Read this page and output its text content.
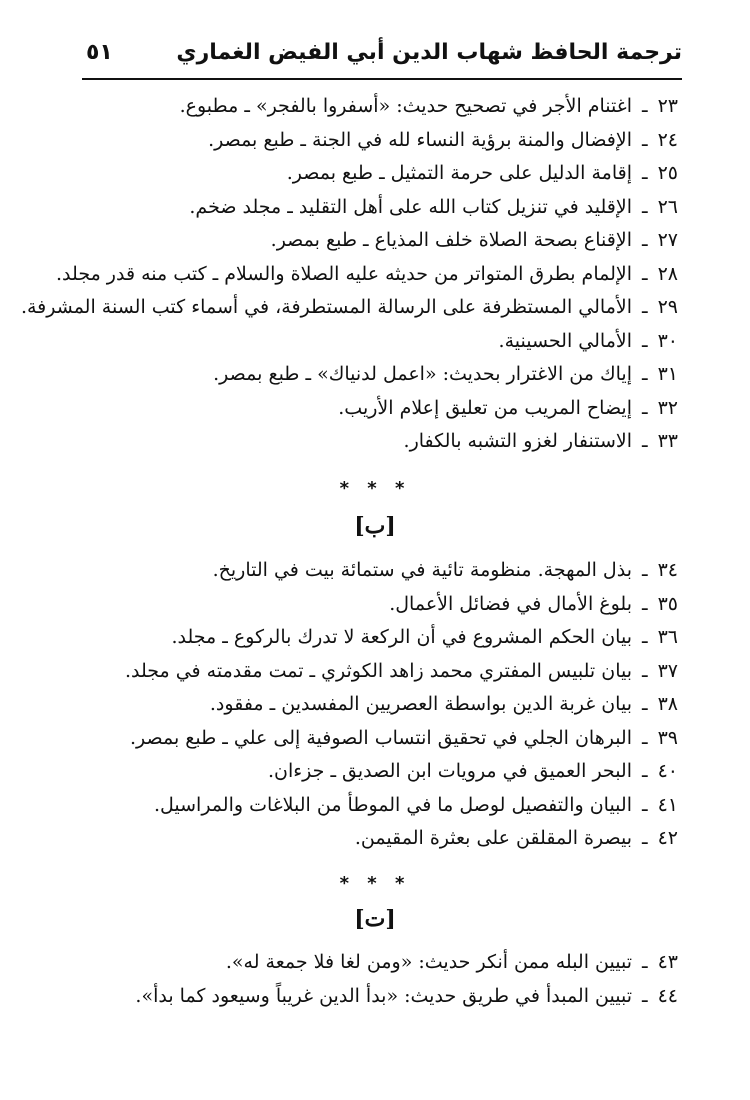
ترجمة الحافظ شهاب الدين أبي الفيض الغماري
٥١
٢٣ـاغتنام الأجر في تصحيح حديث: «أسفروا بالفجر» ـ مطبوع.
٢٤ـالإفضال والمنة برؤية النساء لله في الجنة ـ طبع بمصر.
٢٥ـإقامة الدليل على حرمة التمثيل ـ طبع بمصر.
٢٦ـالإقليد في تنزيل كتاب الله على أهل التقليد ـ مجلد ضخم.
٢٧ـالإقناع بصحة الصلاة خلف المذياع ـ طبع بمصر.
٢٨ـالإلمام بطرق المتواتر من حديثه عليه الصلاة والسلام ـ كتب منه قدر مجلد.
٢٩ـالأمالي المستظرفة على الرسالة المستطرفة، في أسماء كتب السنة المشرفة.
٣٠ـالأمالي الحسينية.
٣١ـإياك من الاغترار بحديث: «اعمل لدنياك» ـ طبع بمصر.
٣٢ـإيضاح المريب من تعليق إعلام الأريب.
٣٣ـالاستنفار لغزو التشبه بالكفار.
* * *
[ب]
٣٤ـبذل المهجة. منظومة تائية في ستمائة بيت في التاريخ.
٣٥ـبلوغ الأمال في فضائل الأعمال.
٣٦ـبيان الحكم المشروع في أن الركعة لا تدرك بالركوع ـ مجلد.
٣٧ـبيان تلبيس المفتري محمد زاهد الكوثري ـ تمت مقدمته في مجلد.
٣٨ـبيان غربة الدين بواسطة العصريين المفسدين ـ مفقود.
٣٩ـالبرهان الجلي في تحقيق انتساب الصوفية إلى علي ـ طبع بمصر.
٤٠ـالبحر العميق في مرويات ابن الصديق ـ جزءان.
٤١ـالبيان والتفصيل لوصل ما في الموطأ من البلاغات والمراسيل.
٤٢ـبيصرة المقلقن على بعثرة المقيمن.
* * *
[ت]
٤٣ـتبيين البله ممن أنكر حديث: «ومن لغا فلا جمعة له».
٤٤ـتبيين المبدأ في طريق حديث: «بدأ الدين غريباً وسيعود كما بدأ».
